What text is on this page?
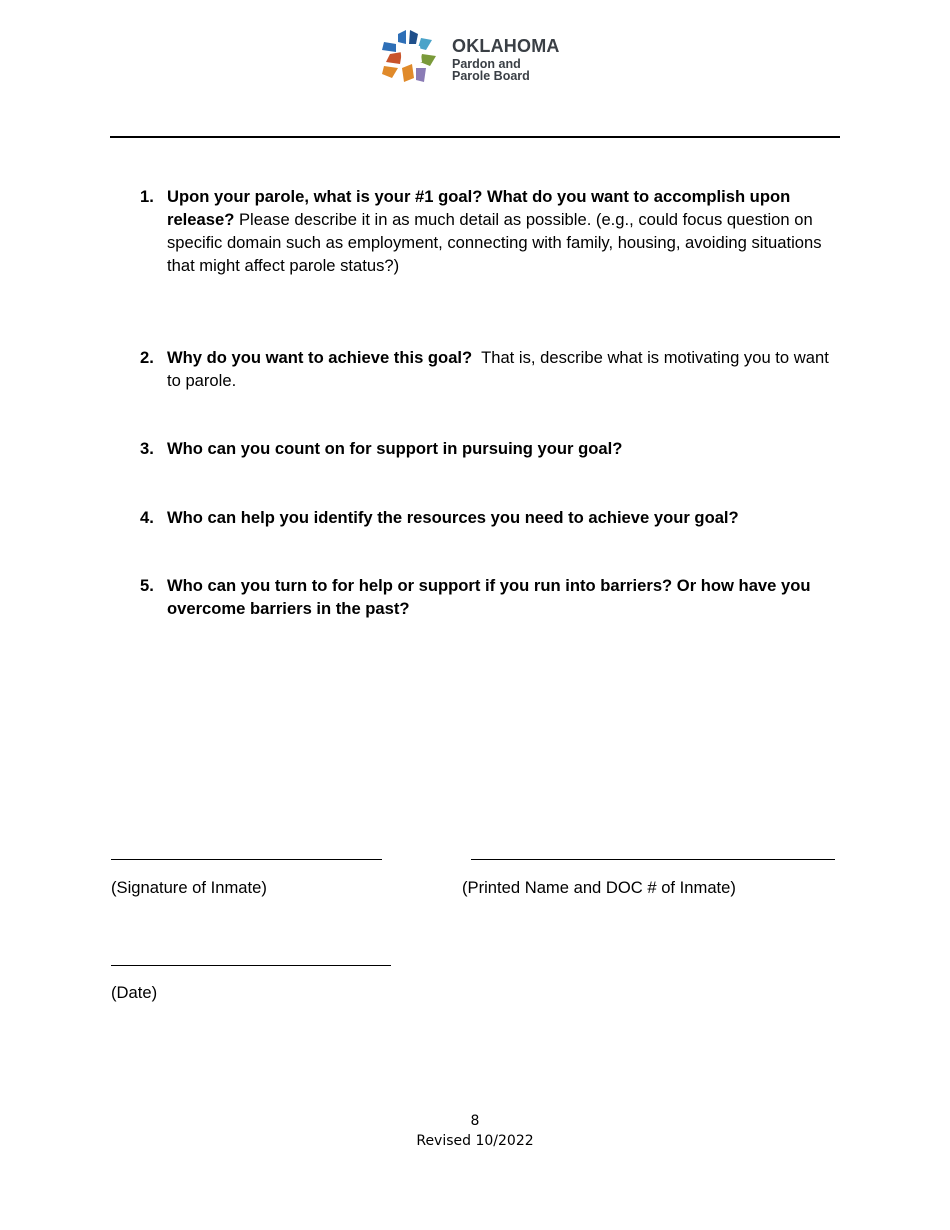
OKLAHOMA
Pardon and
Parole Board
1. Upon your parole, what is your #1 goal? What do you want to accomplish upon release? Please describe it in as much detail as possible. (e.g., could focus question on specific domain such as employment, connecting with family, housing, avoiding situations that might affect parole status?)
2. Why do you want to achieve this goal?  That is, describe what is motivating you to want to parole.
3. Who can you count on for support in pursuing your goal?
4. Who can help you identify the resources you need to achieve your goal?
5. Who can you turn to for help or support if you run into barriers? Or how have you overcome barriers in the past?
(Signature of Inmate)	(Printed Name and DOC # of Inmate)
(Date)
8
Revised 10/2022
